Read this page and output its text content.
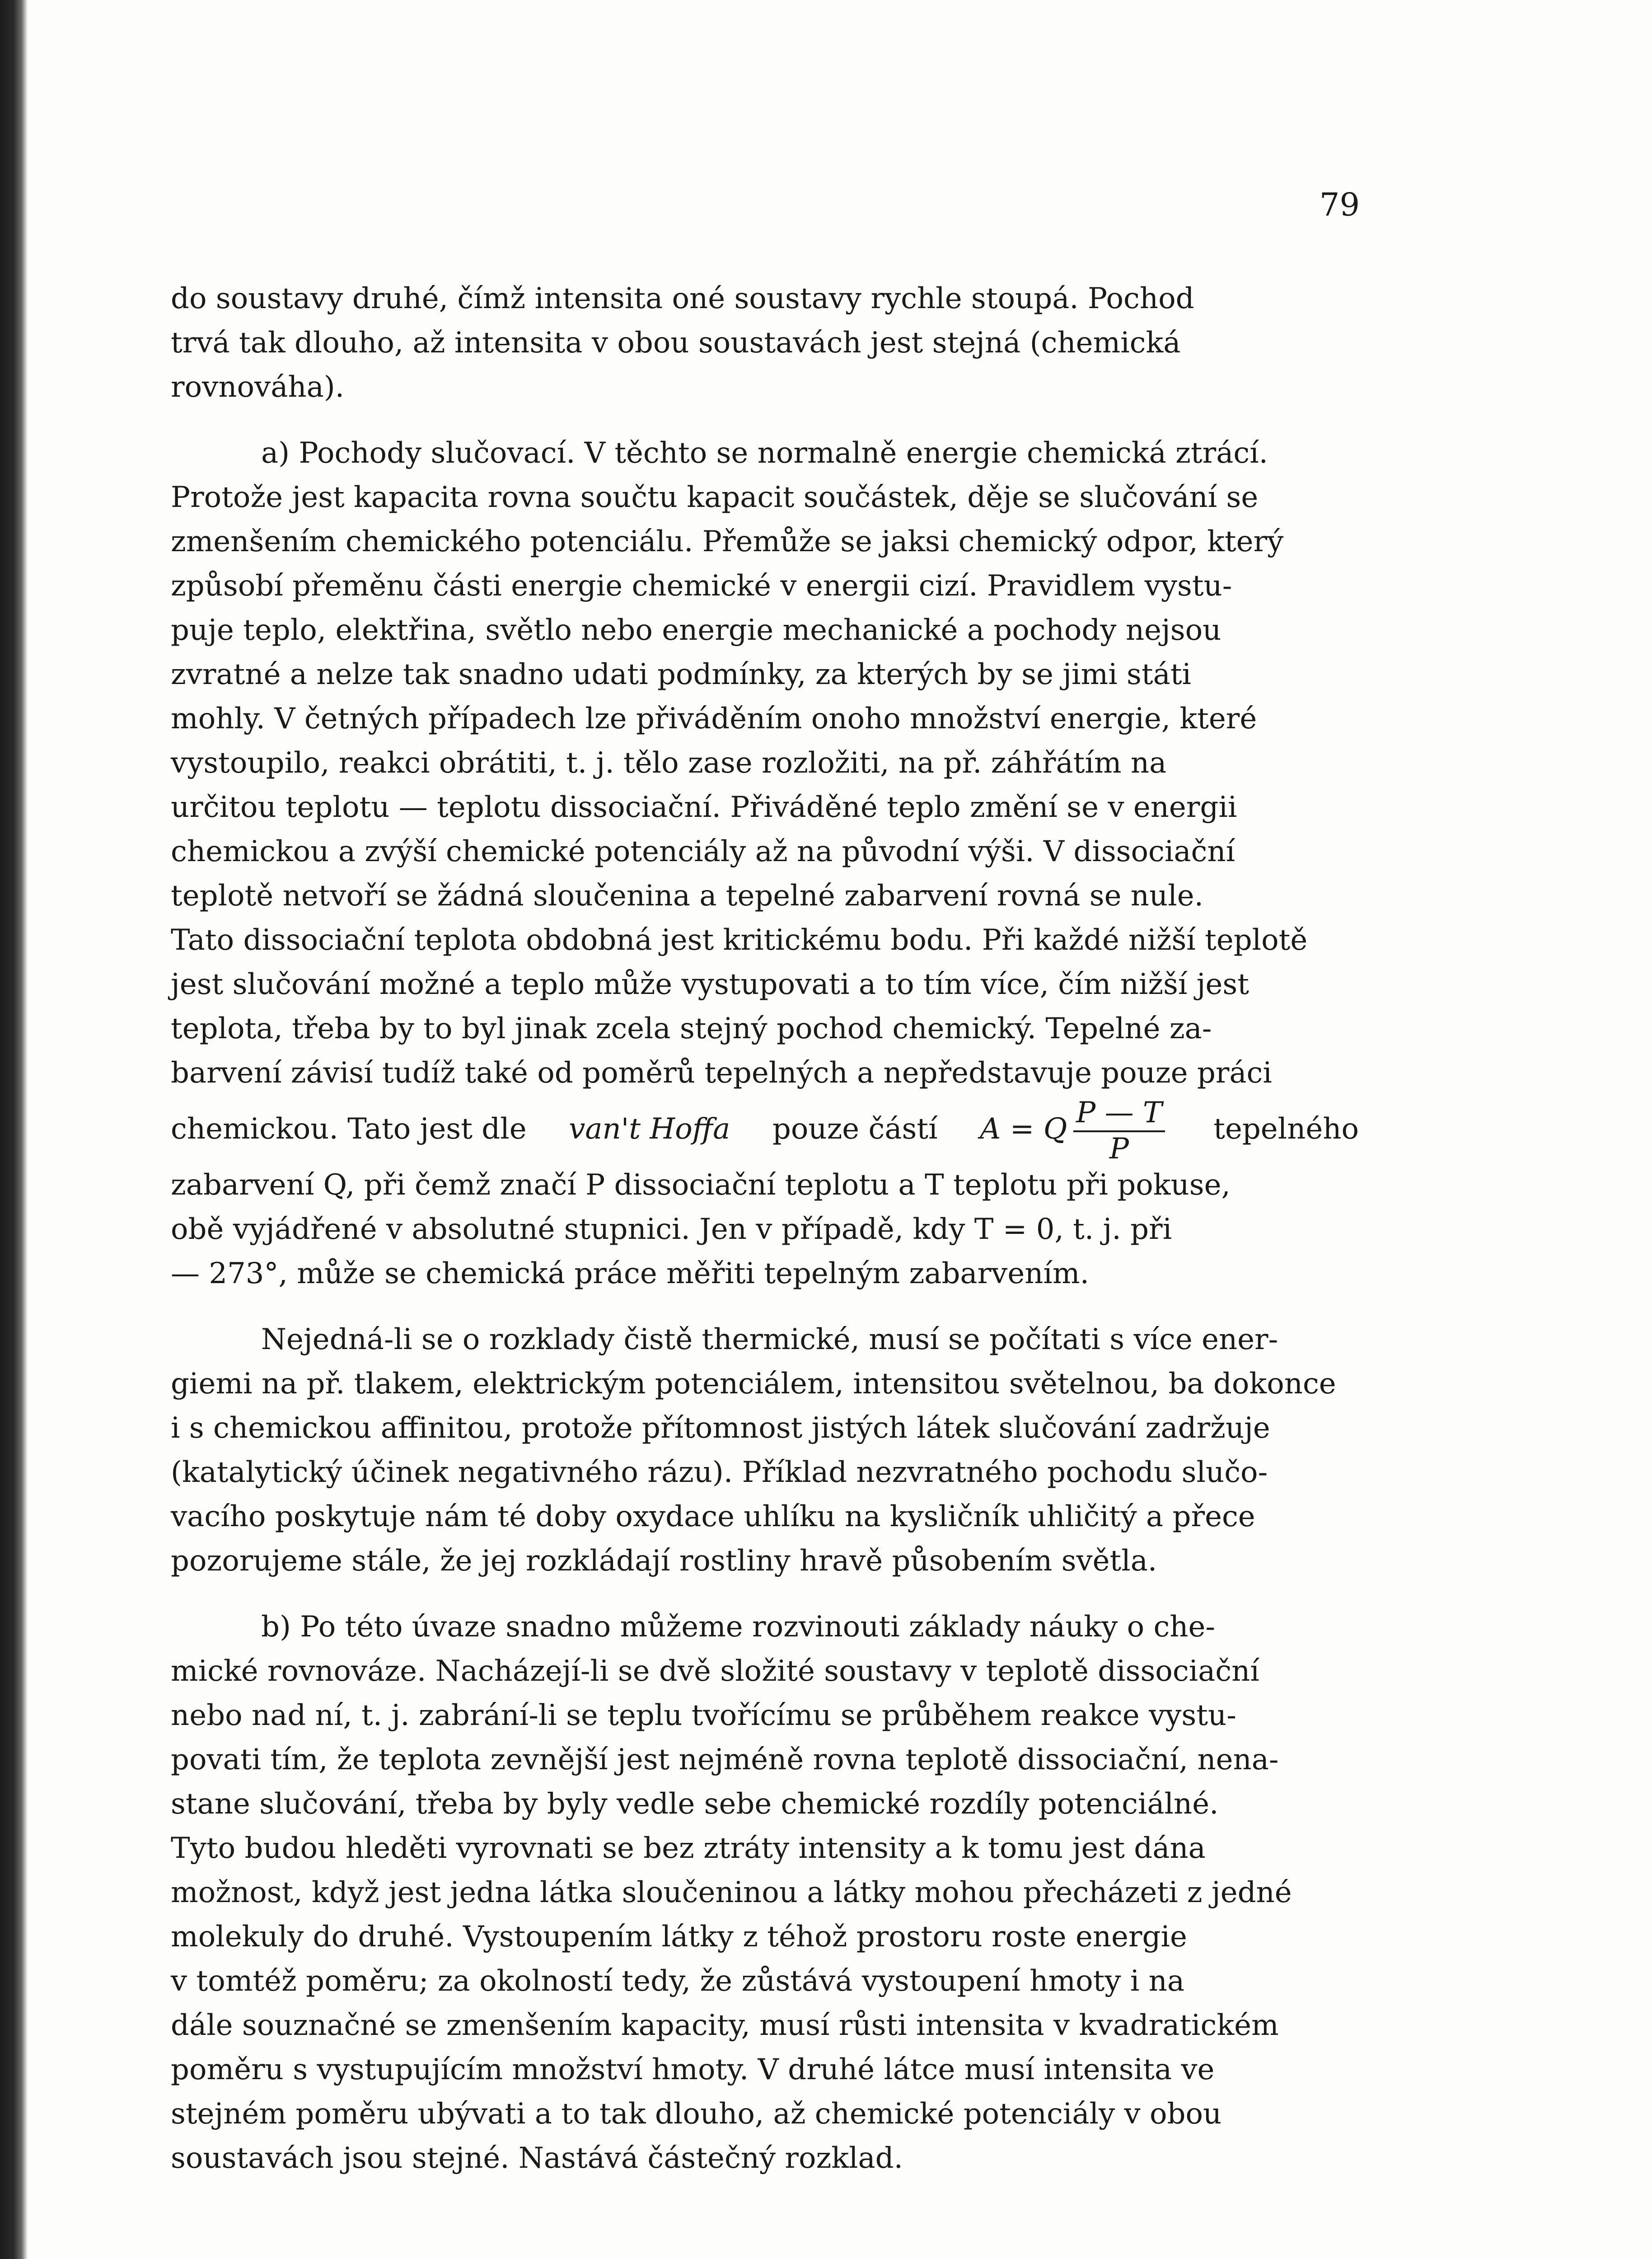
79
do soustavy druhé, čímž intensita oné soustavy rychle stoupá. Pochod
trvá tak dlouho, až intensita v obou soustavách jest stejná (chemická
rovnováha).
a) Pochody slučovací. V těchto se normalně energie chemická ztrácí.
Protože jest kapacita rovna součtu kapacit součástek, děje se slučování se
zmenšením chemického potenciálu. Přemůže se jaksi chemický odpor, který
způsobí přeměnu části energie chemické v energii cizí. Pravidlem vystu-
puje teplo, elektřina, světlo nebo energie mechanické a pochody nejsou
zvratné a nelze tak snadno udati podmínky, za kterých by se jimi státi
mohly. V četných případech lze přiváděním onoho množství energie, které
vystoupilo, reakci obrátiti, t. j. tělo zase rozložiti, na př. záhřátím na
určitou teplotu — teplotu dissociační. Přiváděné teplo změní se v energii
chemickou a zvýší chemické potenciály až na původní výši. V dissociační
teplotě netvoří se žádná sloučenina a tepelné zabarvení rovná se nule.
Tato dissociační teplota obdobná jest kritickému bodu. Při každé nižší teplotě
jest slučování možné a teplo může vystupovati a to tím více, čím nižší jest
teplota, třeba by to byl jinak zcela stejný pochod chemický. Tepelné za-
barvení závisí tudíž také od poměrů tepelných a nepředstavuje pouze práci
chemickou. Tato jest dle van't Hoffa pouze částí A = Q $\frac{P — T}{P}$ tepelného
zabarvení Q, při čemž značí P dissociační teplotu a T teplotu při pokuse,
obě vyjádřené v absolutné stupnici. Jen v případě, kdy T = 0, t. j. při
— 273°, může se chemická práce měřiti tepelným zabarvením.
Nejedná-li se o rozklady čistě thermické, musí se počítati s více ener-
giemi na př. tlakem, elektrickým potenciálem, intensitou světelnou, ba dokonce
i s chemickou affinitou, protože přítomnost jistých látek slučování zadržuje
(katalytický účinek negativného rázu). Příklad nezvratného pochodu slučo-
vacího poskytuje nám té doby oxydace uhlíku na kysličník uhličitý a přece
pozorujeme stále, že jej rozkládají rostliny hravě působením světla.
b) Po této úvaze snadno můžeme rozvinouti základy náuky o che-
mické rovnováze. Nacházejí-li se dvě složité soustavy v teplotě dissociační
nebo nad ní, t. j. zabrání-li se teplu tvořícímu se průběhem reakce vystu-
povati tím, že teplota zevnější jest nejméně rovna teplotě dissociační, nena-
stane slučování, třeba by byly vedle sebe chemické rozdíly potenciálné.
Tyto budou hleděti vyrovnati se bez ztráty intensity a k tomu jest dána
možnost, když jest jedna látka sloučeninou a látky mohou přecházeti z jedné
molekuly do druhé. Vystoupením látky z téhož prostoru roste energie
v tomtéž poměru; za okolností tedy, že zůstává vystoupení hmoty i na
dále souznačné se zmenšením kapacity, musí růsti intensita v kvadratickém
poměru s vystupujícím množství hmoty. V druhé látce musí intensita ve
stejném poměru ubývati a to tak dlouho, až chemické potenciály v obou
soustavách jsou stejné. Nastává částečný rozklad.
